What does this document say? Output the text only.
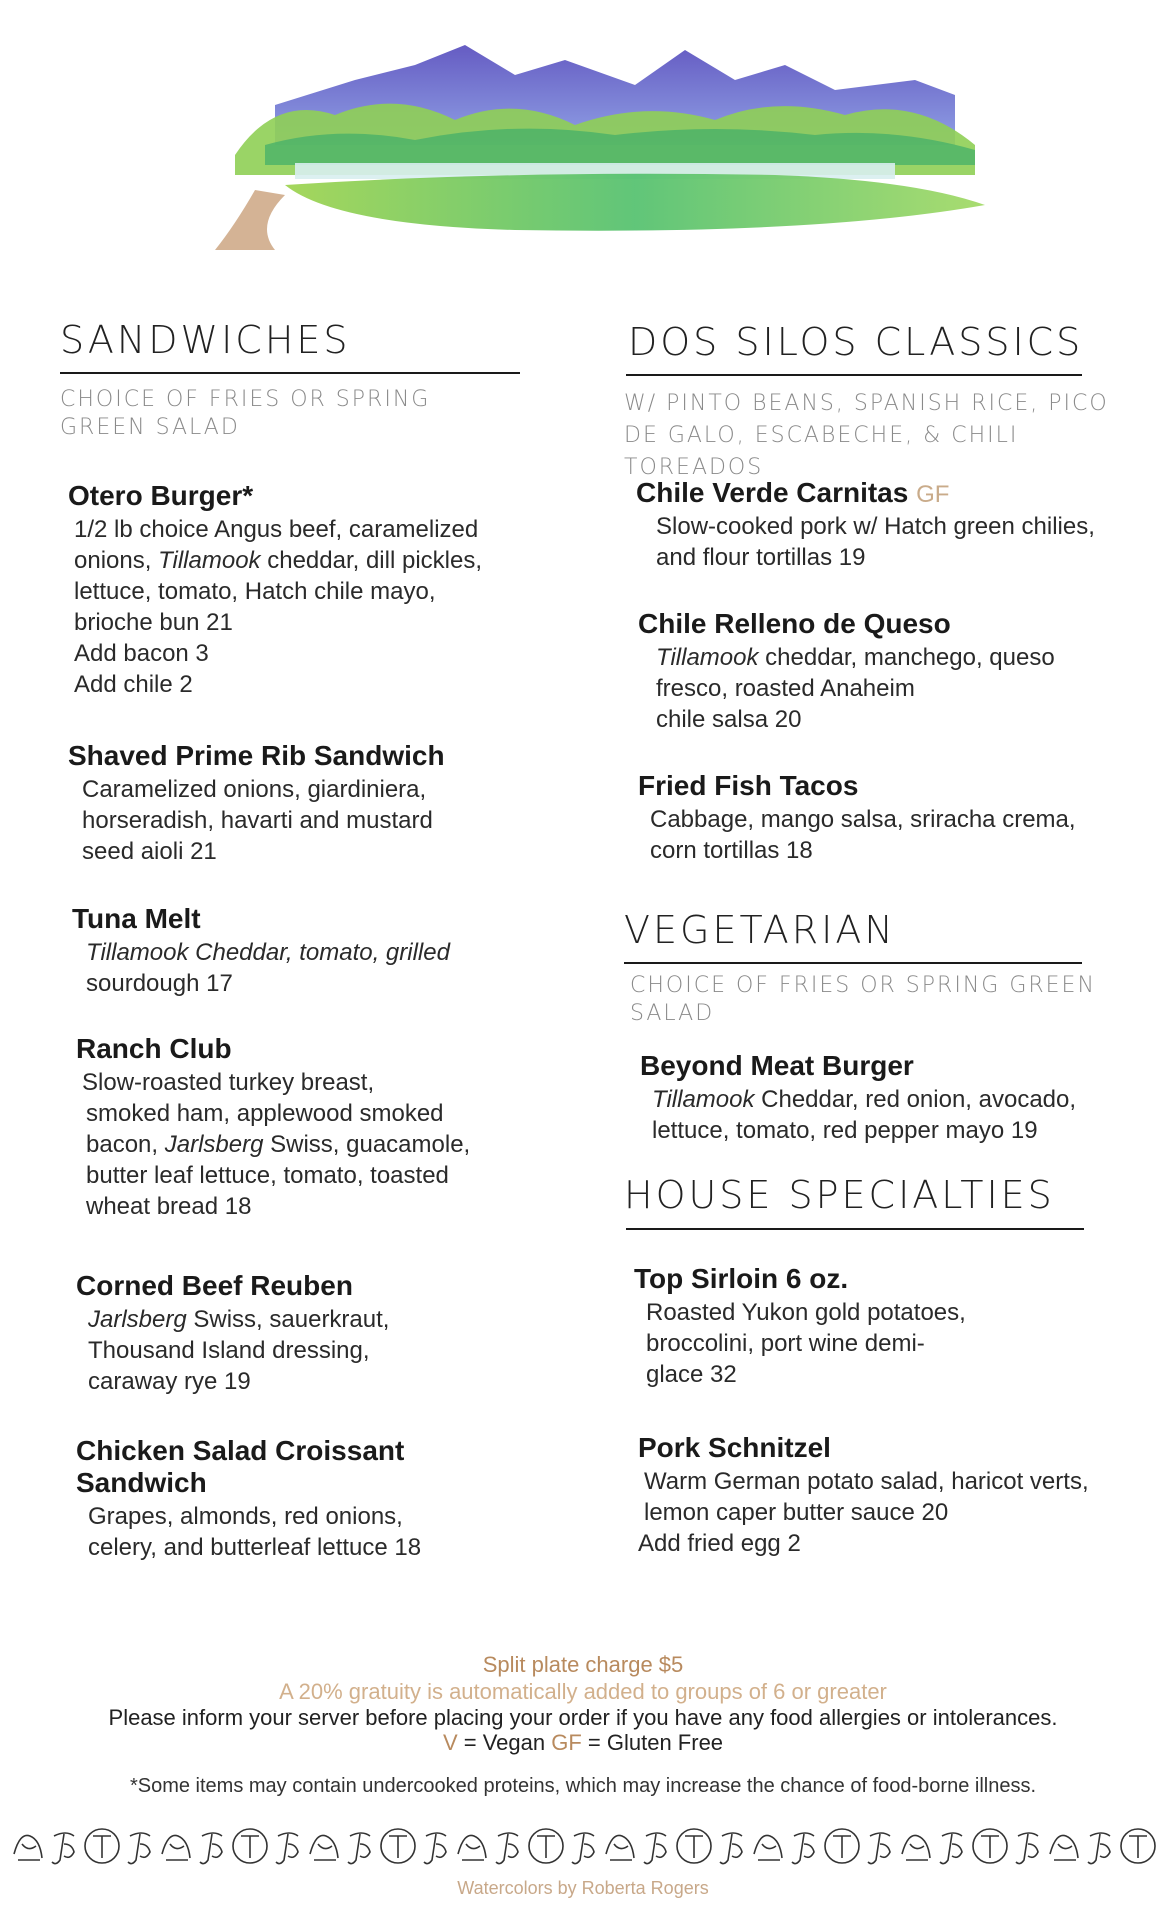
SANDWICHES
CHOICE OF FRIES OR SPRING GREEN SALAD
Otero Burger*
1/2 lb choice Angus beef, caramelized
onions, Tillamook cheddar, dill pickles,
lettuce, tomato, Hatch chile mayo,
brioche bun 21
Add bacon 3
Add chile 2
Shaved Prime Rib Sandwich
Caramelized onions, giardiniera,
horseradish, havarti and mustard
seed aioli 21
Tuna Melt
Tillamook Cheddar, tomato, grilled
sourdough 17
Ranch Club
Slow-roasted turkey breast,
smoked ham, applewood smoked
bacon, Jarlsberg Swiss, guacamole,
butter leaf lettuce, tomato, toasted
wheat bread 18
Corned Beef Reuben
Jarlsberg Swiss, sauerkraut,
Thousand Island dressing,
caraway rye 19
Chicken Salad Croissant
Sandwich
Grapes, almonds, red onions,
celery, and butterleaf lettuce 18
DOS SILOS CLASSICS
W/ PINTO BEANS, SPANISH RICE, PICO
DE GALO, ESCABECHE, & CHILI TOREADOS
Chile Verde Carnitas GF
Slow-cooked pork w/ Hatch green chilies,
and flour tortillas 19
Chile Relleno de Queso
Tillamook cheddar, manchego, queso
fresco, roasted Anaheim
chile salsa 20
Fried Fish Tacos
Cabbage, mango salsa, sriracha crema,
corn tortillas 18
VEGETARIAN
CHOICE OF FRIES OR SPRING GREEN
SALAD
Beyond Meat Burger
Tillamook Cheddar, red onion, avocado,
lettuce, tomato, red pepper mayo 19
HOUSE SPECIALTIES
Top Sirloin 6 oz.
Roasted Yukon gold potatoes,
broccolini, port wine demi-
glace 32
Pork Schnitzel
Warm German potato salad, haricot verts,
lemon caper butter sauce 20
Add fried egg 2
Split plate charge $5
A 20% gratuity is automatically added to groups of 6 or greater
Please inform your server before placing your order if you have any food allergies or intolerances.
V = Vegan GF = Gluten Free
*Some items may contain undercooked proteins, which may increase the chance of food-borne illness.
Watercolors by Roberta Rogers
